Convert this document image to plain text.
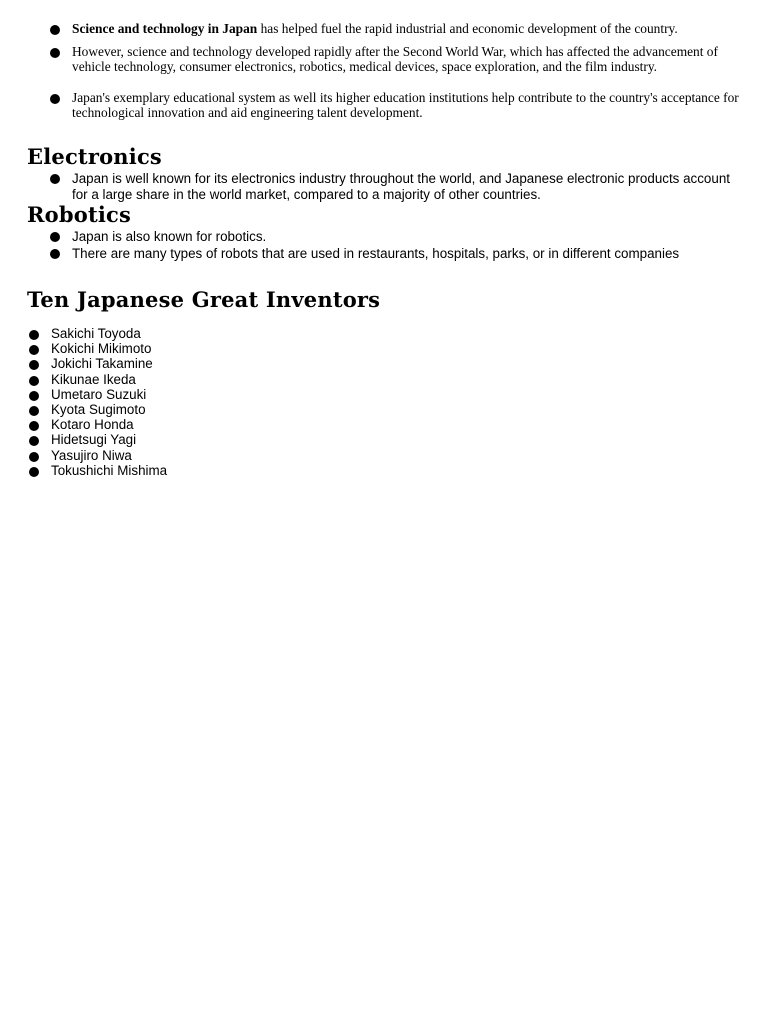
Science and technology in Japan has helped fuel the rapid industrial and economic development of the country.
However, science and technology developed rapidly after the Second World War, which has affected the advancement of vehicle technology, consumer electronics, robotics, medical devices, space exploration, and the film industry.
Japan's exemplary educational system as well its higher education institutions help contribute to the country's acceptance for technological innovation and aid engineering talent development.
Electronics
Japan is well known for its electronics industry throughout the world, and Japanese electronic products account for a large share in the world market, compared to a majority of other countries.
Robotics
Japan is also known for robotics.
There are many types of robots that are used in restaurants, hospitals, parks, or in different companies
Ten Japanese Great Inventors
Sakichi Toyoda
Kokichi Mikimoto
Jokichi Takamine
Kikunae Ikeda
Umetaro Suzuki
Kyota Sugimoto
Kotaro Honda
Hidetsugi Yagi
Yasujiro Niwa
Tokushichi Mishima
